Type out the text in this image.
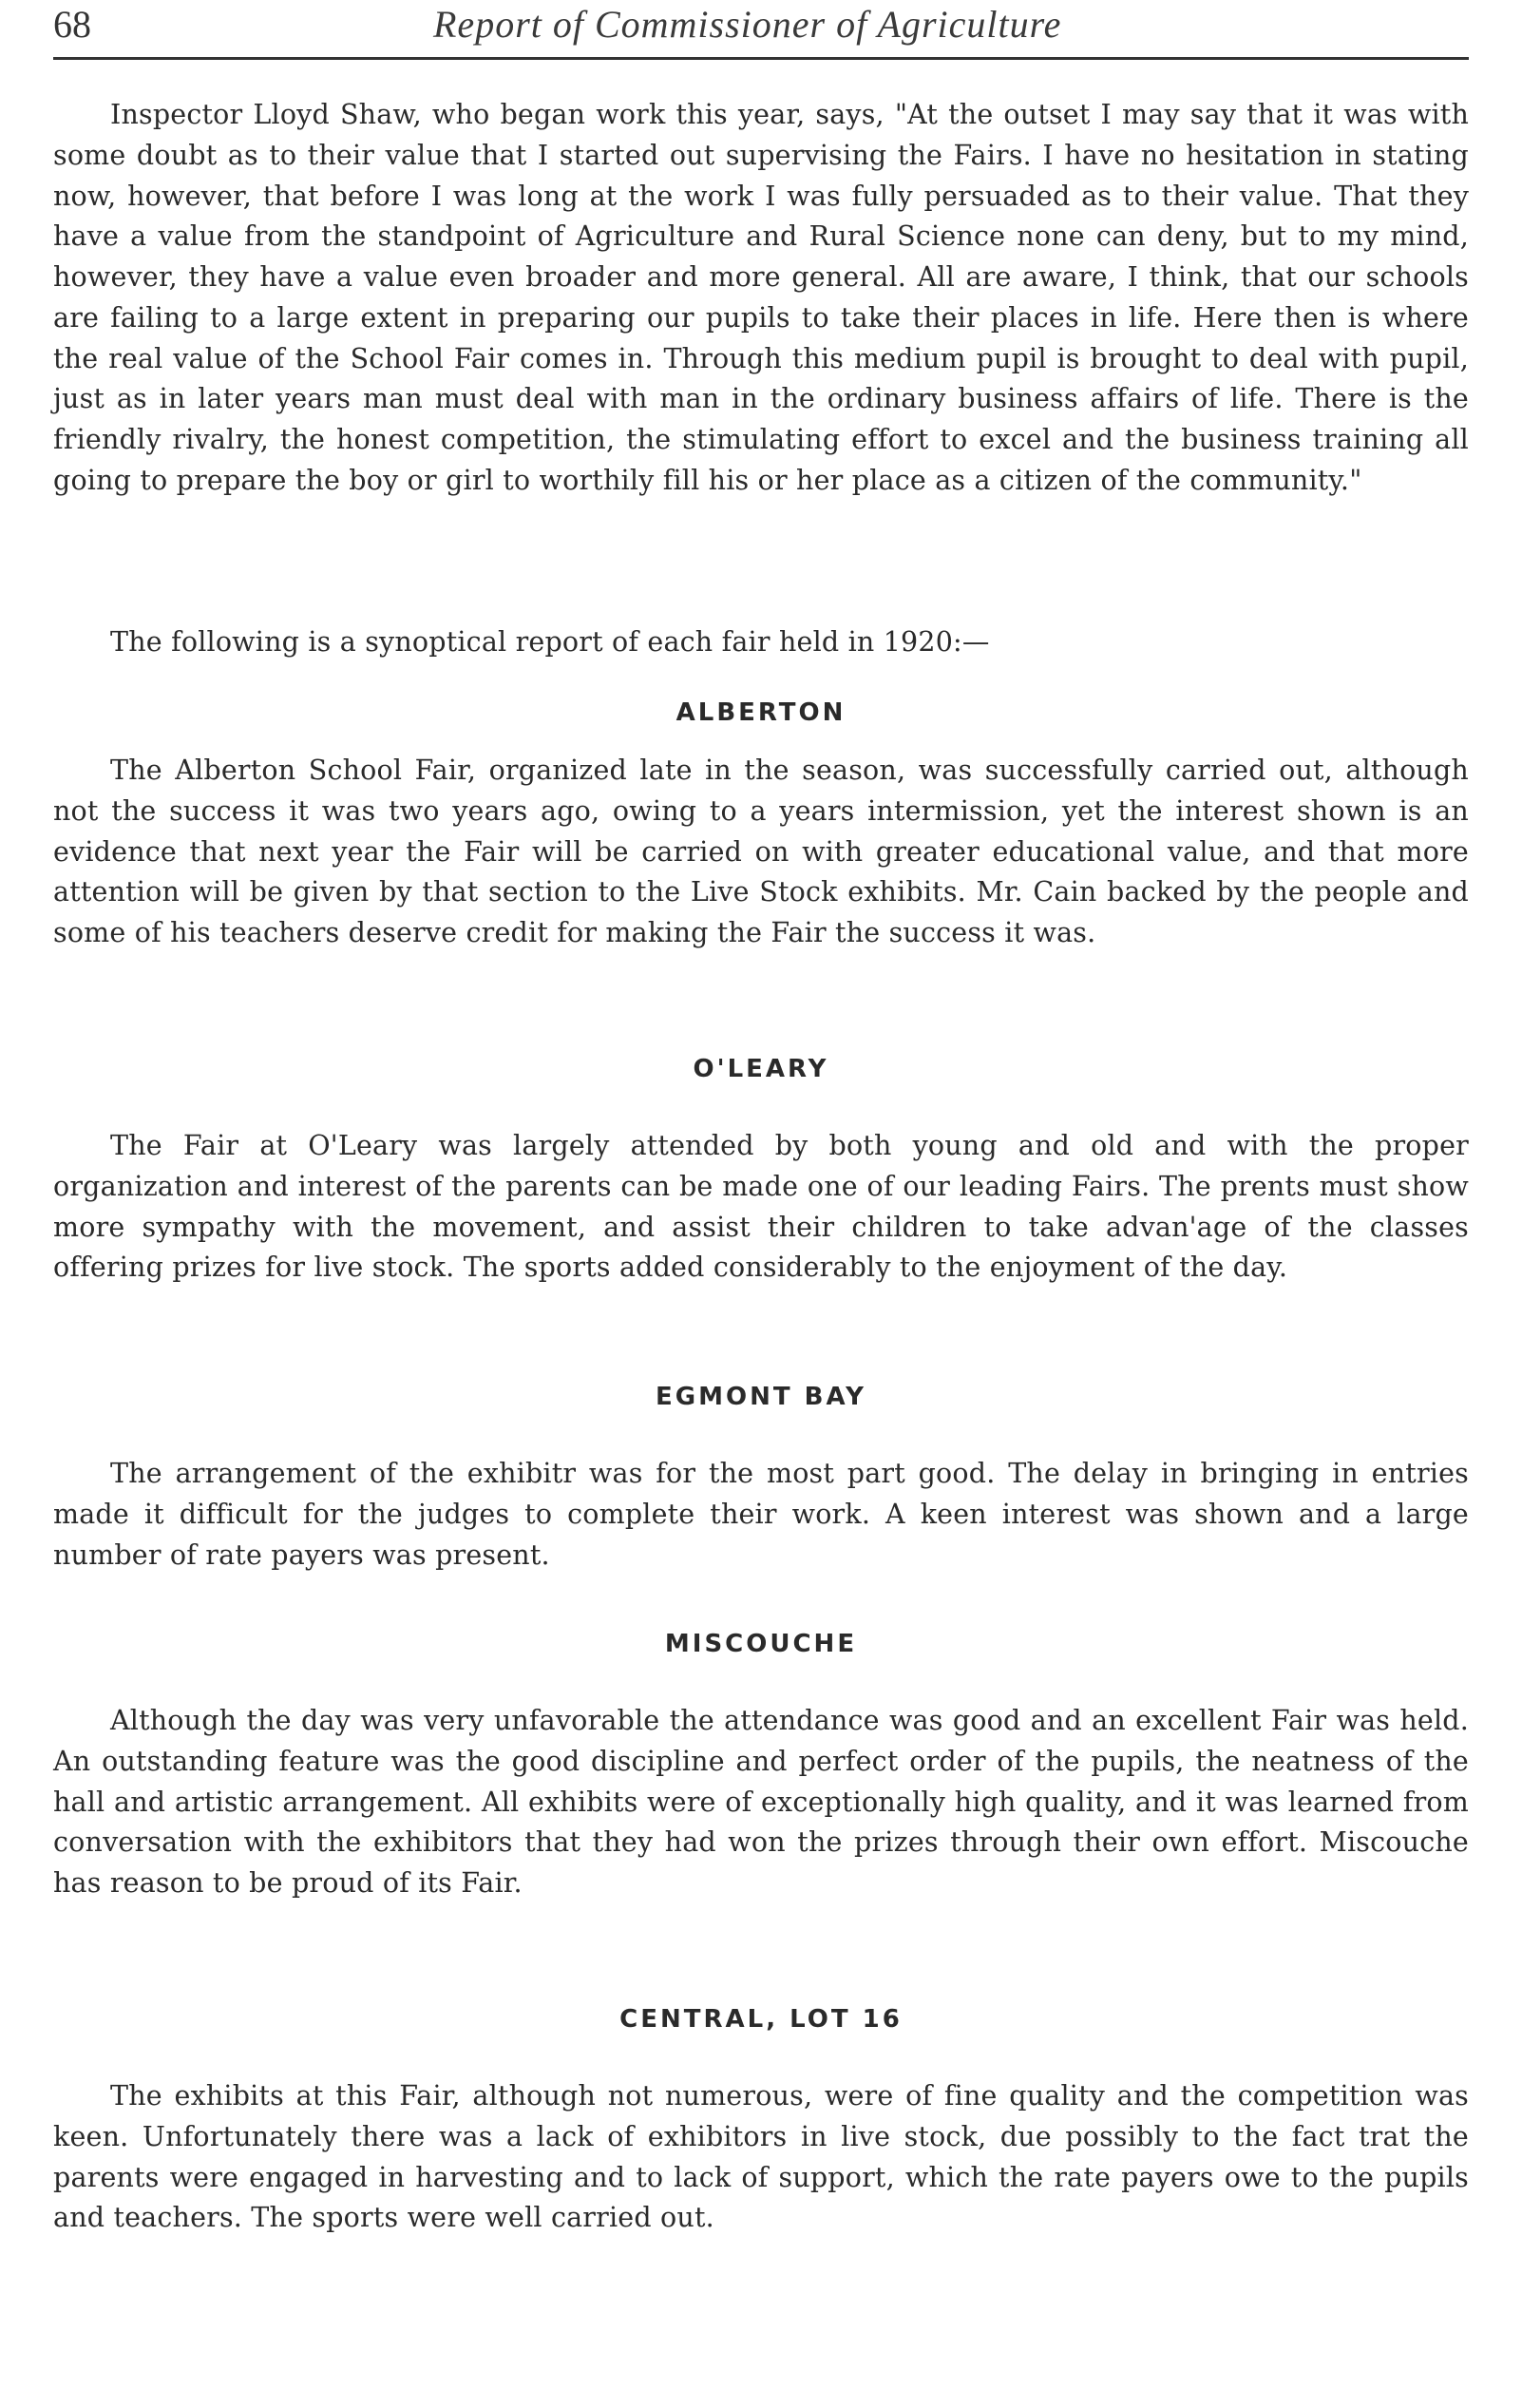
68	Report of Commissioner of Agriculture

Inspector Lloyd Shaw, who began work this year, says, "At the outset I may say that it was with some doubt as to their value that I started out supervising the Fairs. I have no hesitation in stating now, however, that before I was long at the work I was fully persuaded as to their value. That they have a value from the standpoint of Agriculture and Rural Science none can deny, but to my mind, however, they have a value even broader and more general. All are aware, I think, that our schools are failing to a large extent in preparing our pupils to take their places in life. Here then is where the real value of the School Fair comes in. Through this medium pupil is brought to deal with pupil, just as in later years man must deal with man in the ordinary business affairs of life. There is the friendly rivalry, the honest competition, the stimulating effort to excel and the business training all going to prepare the boy or girl to worthily fill his or her place as a citizen of the community."

The following is a synoptical report of each fair held in 1920:—

ALBERTON

The Alberton School Fair, organized late in the season, was successfully carried out, although not the success it was two years ago, owing to a years intermission, yet the interest shown is an evidence that next year the Fair will be carried on with greater educational value, and that more attention will be given by that section to the Live Stock exhibits. Mr. Cain backed by the people and some of his teachers deserve credit for making the Fair the success it was.

O'LEARY

The Fair at O'Leary was largely attended by both young and old and with the proper organization and interest of the parents can be made one of our leading Fairs. The prents must show more sympathy with the movement, and assist their children to take advan'age of the classes offering prizes for live stock. The sports added considerably to the enjoyment of the day.

EGMONT BAY

The arrangement of the exhibitr was for the most part good. The delay in bringing in entries made it difficult for the judges to complete their work. A keen interest was shown and a large number of rate payers was present.

MISCOUCHE

Although the day was very unfavorable the attendance was good and an excellent Fair was held. An outstanding feature was the good discipline and perfect order of the pupils, the neatness of the hall and artistic arrangement. All exhibits were of exceptionally high quality, and it was learned from conversation with the exhibitors that they had won the prizes through their own effort. Miscouche has reason to be proud of its Fair.

CENTRAL, LOT 16

The exhibits at this Fair, although not numerous, were of fine quality and the competition was keen. Unfortunately there was a lack of exhibitors in live stock, due possibly to the fact trat the parents were engaged in harvesting and to lack of support, which the rate payers owe to the pupils and teachers. The sports were well carried out.
